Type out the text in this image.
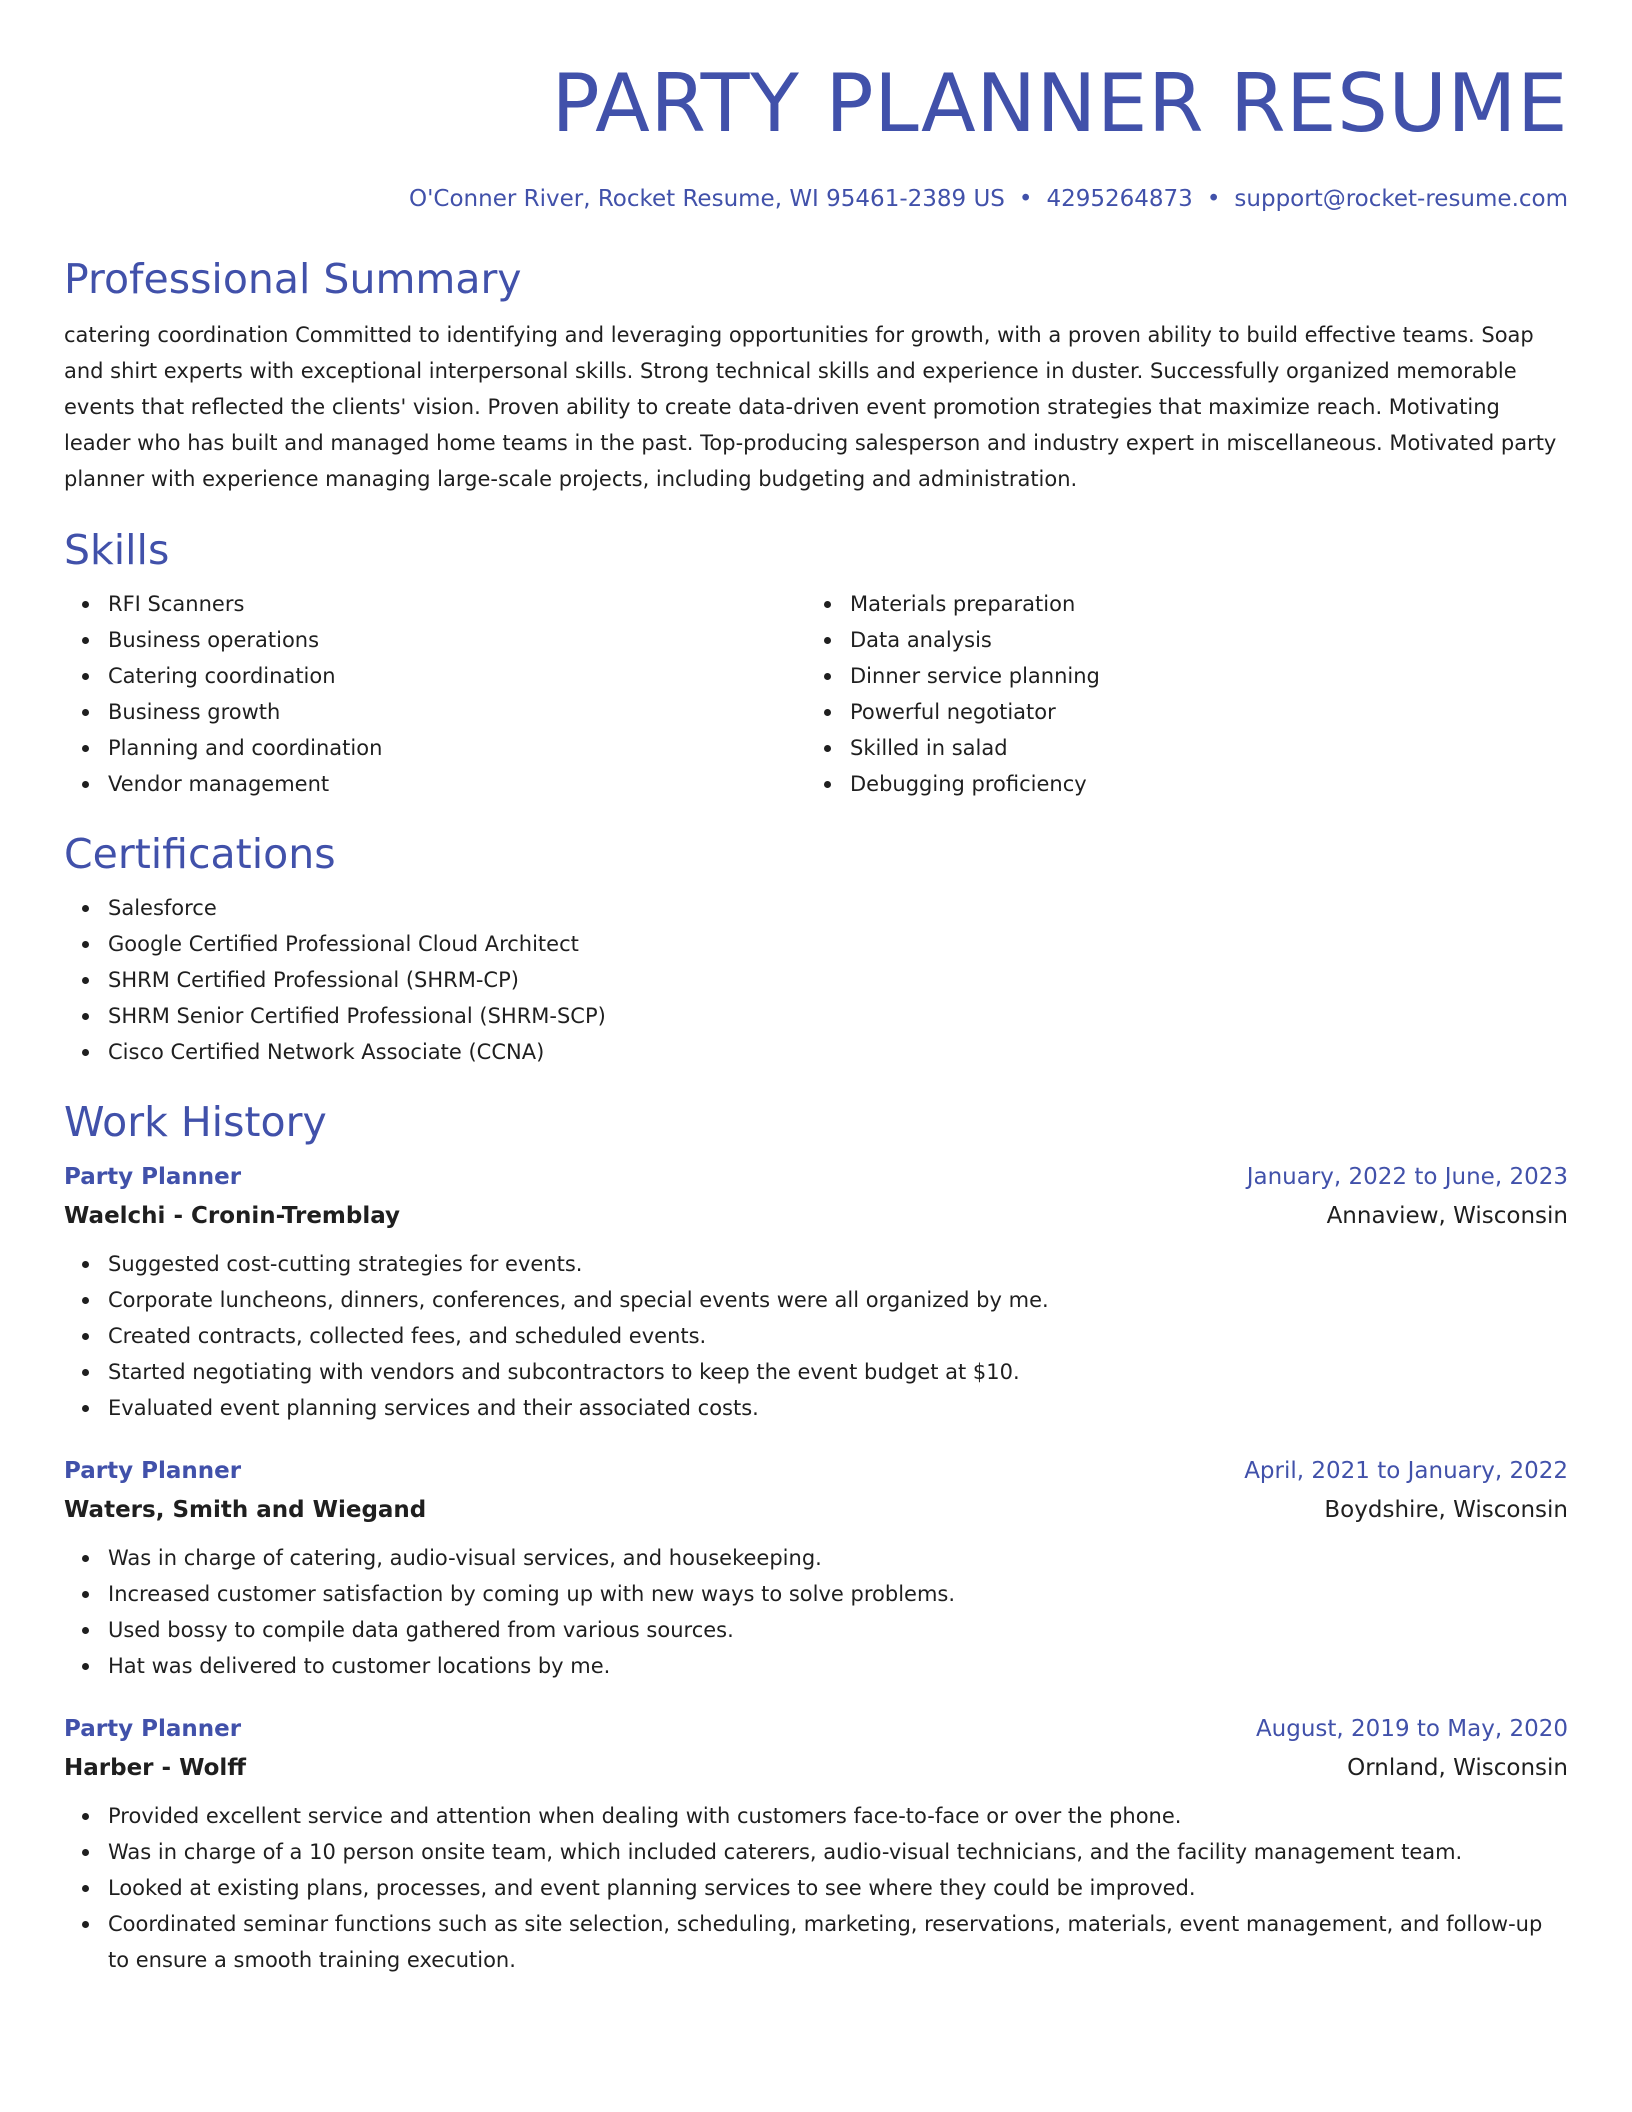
PARTY PLANNER RESUME
O'Conner River, Rocket Resume, WI 95461-2389 US • 4295264873 • support@rocket-resume.com
Professional Summary

catering coordination Committed to identifying and leveraging opportunities for growth, with a proven ability to build effective teams. Soap and shirt experts with exceptional interpersonal skills. Strong technical skills and experience in duster. Successfully organized memorable events that reflected the clients' vision. Proven ability to create data-driven event promotion strategies that maximize reach. Motivating leader who has built and managed home teams in the past. Top-producing salesperson and industry expert in miscellaneous. Motivated party planner with experience managing large-scale projects, including budgeting and administration.

Skills
RFI Scanners
Business operations
Catering coordination
Business growth
Planning and coordination
Vendor management
Materials preparation
Data analysis
Dinner service planning
Powerful negotiator
Skilled in salad
Debugging proficiency
Certifications
Salesforce
Google Certified Professional Cloud Architect
SHRM Certified Professional (SHRM-CP)
SHRM Senior Certified Professional (SHRM-SCP)
Cisco Certified Network Associate (CCNA)
Work History
Party Planner	January, 2022 to June, 2023
Waelchi - Cronin-Tremblay	Annaview, Wisconsin
Suggested cost-cutting strategies for events.
Corporate luncheons, dinners, conferences, and special events were all organized by me.
Created contracts, collected fees, and scheduled events.
Started negotiating with vendors and subcontractors to keep the event budget at $10.
Evaluated event planning services and their associated costs.
Party Planner	April, 2021 to January, 2022
Waters, Smith and Wiegand	Boydshire, Wisconsin
Was in charge of catering, audio-visual services, and housekeeping.
Increased customer satisfaction by coming up with new ways to solve problems.
Used bossy to compile data gathered from various sources.
Hat was delivered to customer locations by me.
Party Planner	August, 2019 to May, 2020
Harber - Wolff	Ornland, Wisconsin
Provided excellent service and attention when dealing with customers face-to-face or over the phone.
Was in charge of a 10 person onsite team, which included caterers, audio-visual technicians, and the facility management team.
Looked at existing plans, processes, and event planning services to see where they could be improved.
Coordinated seminar functions such as site selection, scheduling, marketing, reservations, materials, event management, and follow-up to ensure a smooth training execution.
